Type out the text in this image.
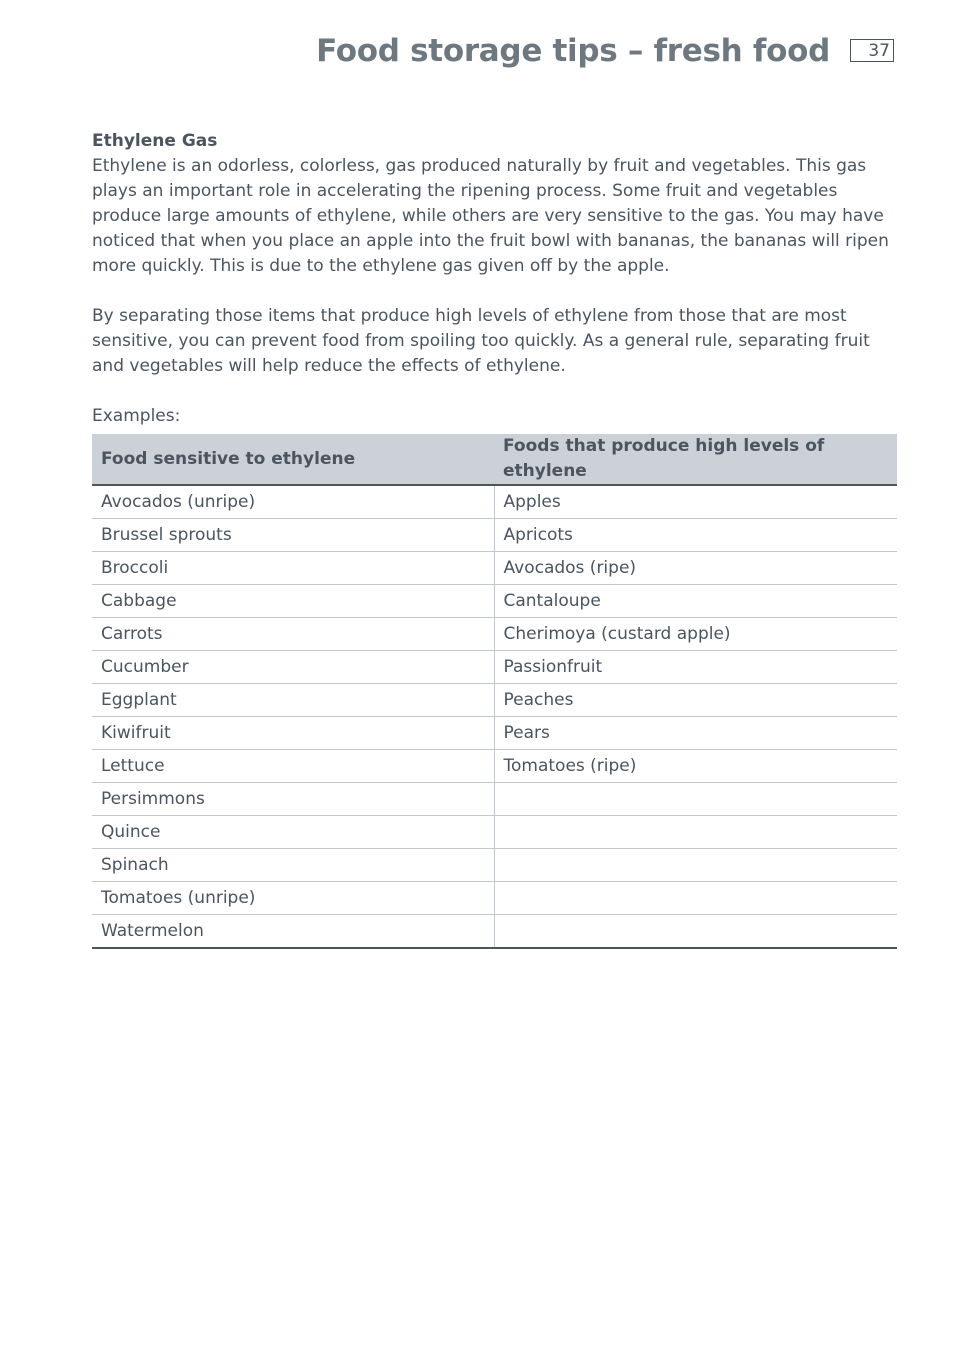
Food storage tips – fresh food	37

Ethylene Gas

Ethylene is an odorless, colorless, gas produced naturally by fruit and vegetables. This gas plays an important role in accelerating the ripening process. Some fruit and vegetables produce large amounts of ethylene, while others are very sensitive to the gas. You may have noticed that when you place an apple into the fruit bowl with bananas, the bananas will ripen more quickly. This is due to the ethylene gas given off by the apple.

By separating those items that produce high levels of ethylene from those that are most sensitive, you can prevent food from spoiling too quickly. As a general rule, separating fruit and vegetables will help reduce the effects of ethylene.

Examples:

Food sensitive to ethylene	Foods that produce high levels of ethylene
Avocados (unripe)	Apples
Brussel sprouts	Apricots
Broccoli	Avocados (ripe)
Cabbage	Cantaloupe
Carrots	Cherimoya (custard apple)
Cucumber	Passionfruit
Eggplant	Peaches
Kiwifruit	Pears
Lettuce	Tomatoes (ripe)
Persimmons	
Quince	
Spinach	
Tomatoes (unripe)	
Watermelon	
